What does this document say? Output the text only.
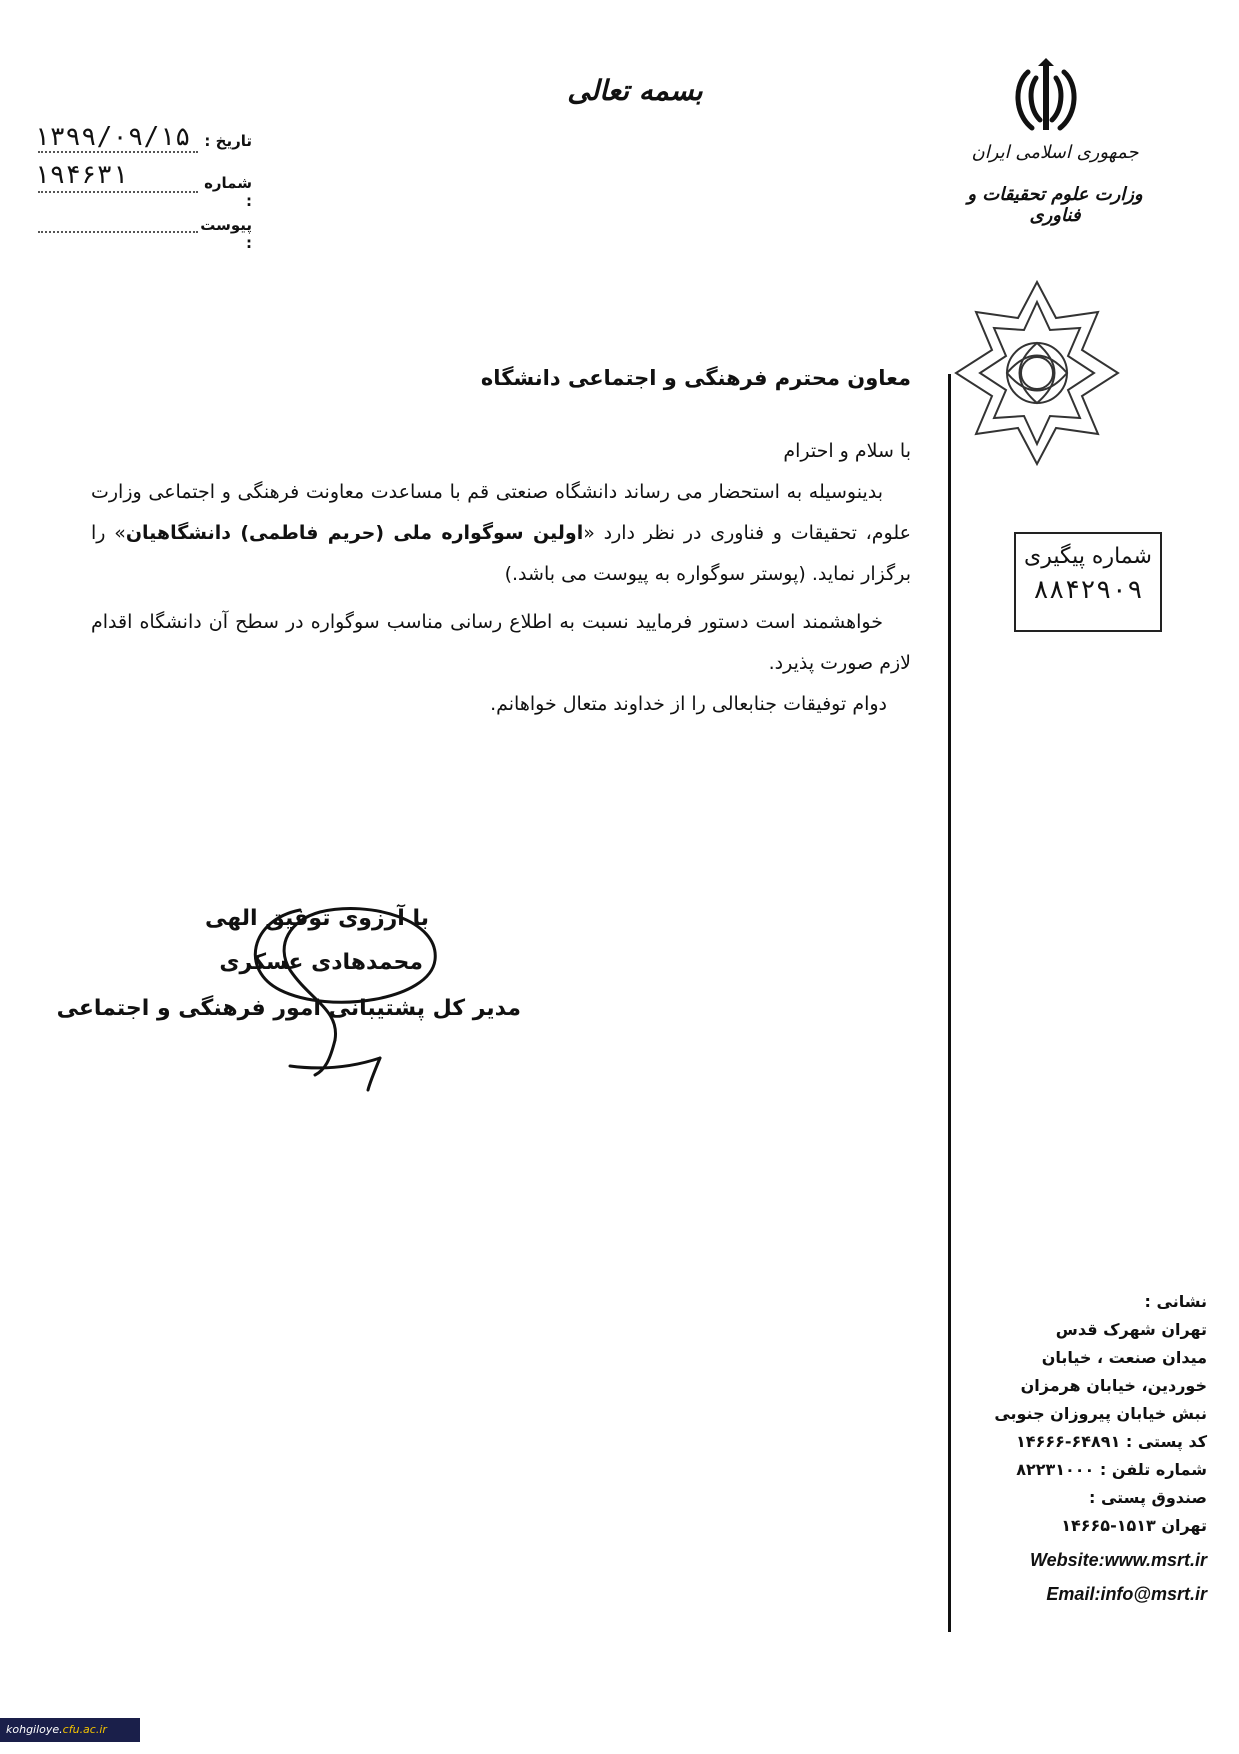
بسمه تعالی
جمهوری اسلامی ایران
وزارت علوم تحقیقات و فناوری
تاریخ :
۱۳۹۹/۰۹/۱۵
شماره :
۱۹۴۶۳۱
پیوست :
شماره پیگیری
۸۸۴۲۹۰۹
معاون محترم فرهنگی و اجتماعی دانشگاه
با سلام و احترام
بدینوسیله به استحضار می رساند دانشگاه صنعتی قم با مساعدت معاونت فرهنگی و اجتماعی وزارت علوم، تحقیقات و فناوری در نظر دارد «اولین سوگواره ملی (حریم فاطمی) دانشگاهیان» را برگزار نماید. (پوستر سوگواره به پیوست می باشد.)
خواهشمند است دستور فرمایید نسبت به اطلاع رسانی مناسب سوگواره در سطح آن دانشگاه اقدام لازم صورت پذیرد.
دوام توفیقات جنابعالی را از خداوند متعال خواهانم.
با آرزوی توفیق الهی
محمدهادی عسکری
مدیر کل پشتیبانی امور فرهنگی و اجتماعی
نشانی :
تهران شهرک قدس
میدان صنعت ، خیابان
خوردین، خیابان هرمزان
نبش خیابان پیروزان جنوبی
کد پستی : ۶۴۸۹۱-۱۴۶۶۶
شماره تلفن : ۸۲۲۳۱۰۰۰
صندوق پستی :
تهران ۱۵۱۳-۱۴۶۶۵
Website:www.msrt.ir
Email:info@msrt.ir
kohgiloye.cfu.ac.ir
